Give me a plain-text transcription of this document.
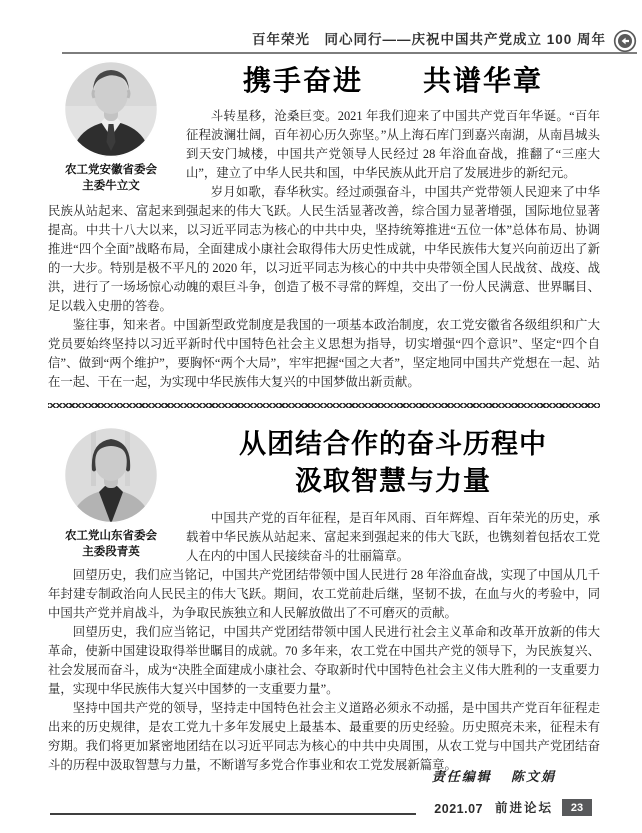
百年荣光　同心同行——庆祝中国共产党成立 100 周年
农工党安徽省委会
主委牛立文
携手奋进　　共谱华章

斗转星移，沧桑巨变。2021 年我们迎来了中国共产党百年华诞。“百年征程波澜壮阔，百年初心历久弥坚。”从上海石库门到嘉兴南湖，从南昌城头到天安门城楼，中国共产党领导人民经过 28 年浴血奋战，推翻了“三座大山”，建立了中华人民共和国，中华民族从此开启了发展进步的新纪元。

岁月如歌，春华秋实。经过顽强奋斗，中国共产党带领人民迎来了中华民族从站起来、富起来到强起来的伟大飞跃。人民生活显著改善，综合国力显著增强，国际地位显著提高。中共十八大以来，以习近平同志为核心的中共中央，坚持统筹推进“五位一体”总体布局、协调推进“四个全面”战略布局，全面建成小康社会取得伟大历史性成就，中华民族伟大复兴向前迈出了新的一大步。特别是极不平凡的 2020 年，以习近平同志为核心的中共中央带领全国人民战贫、战疫、战洪，进行了一场场惊心动魄的艰巨斗争，创造了极不寻常的辉煌，交出了一份人民满意、世界瞩目、足以载入史册的答卷。

鉴往事，知来者。中国新型政党制度是我国的一项基本政治制度，农工党安徽省各级组织和广大党员要始终坚持以习近平新时代中国特色社会主义思想为指导，切实增强“四个意识”、坚定“四个自信”、做到“两个维护”，要胸怀“两个大局”，牢牢把握“国之大者”，坚定地同中国共产党想在一起、站在一起、干在一起，为实现中华民族伟大复兴的中国梦做出新贡献。

农工党山东省委会
主委段青英
从团结合作的奋斗历程中
汲取智慧与力量

中国共产党的百年征程，是百年风雨、百年辉煌、百年荣光的历史，承载着中华民族从站起来、富起来到强起来的伟大飞跃，也镌刻着包括农工党人在内的中国人民接续奋斗的壮丽篇章。

回望历史，我们应当铭记，中国共产党团结带领中国人民进行 28 年浴血奋战，实现了中国从几千年封建专制政治向人民民主的伟大飞跃。期间，农工党前赴后继，坚韧不拔，在血与火的考验中，同中国共产党并肩战斗，为争取民族独立和人民解放做出了不可磨灭的贡献。

回望历史，我们应当铭记，中国共产党团结带领中国人民进行社会主义革命和改革开放新的伟大革命，使新中国建设取得举世瞩目的成就。70 多年来，农工党在中国共产党的领导下，为民族复兴、社会发展而奋斗，成为“决胜全面建成小康社会、夺取新时代中国特色社会主义伟大胜利的一支重要力量，实现中华民族伟大复兴中国梦的一支重要力量”。

坚持中国共产党的领导，坚持走中国特色社会主义道路必须永不动摇，是中国共产党百年征程走出来的历史规律，是农工党九十多年发展史上最基本、最重要的历史经验。历史照亮未来，征程未有穷期。我们将更加紧密地团结在以习近平同志为核心的中共中央周围，从农工党与中国共产党团结奋斗的历程中汲取智慧与力量，不断谱写多党合作事业和农工党发展新篇章。

责任编辑 陈文娟
2021.07 前进论坛	23
